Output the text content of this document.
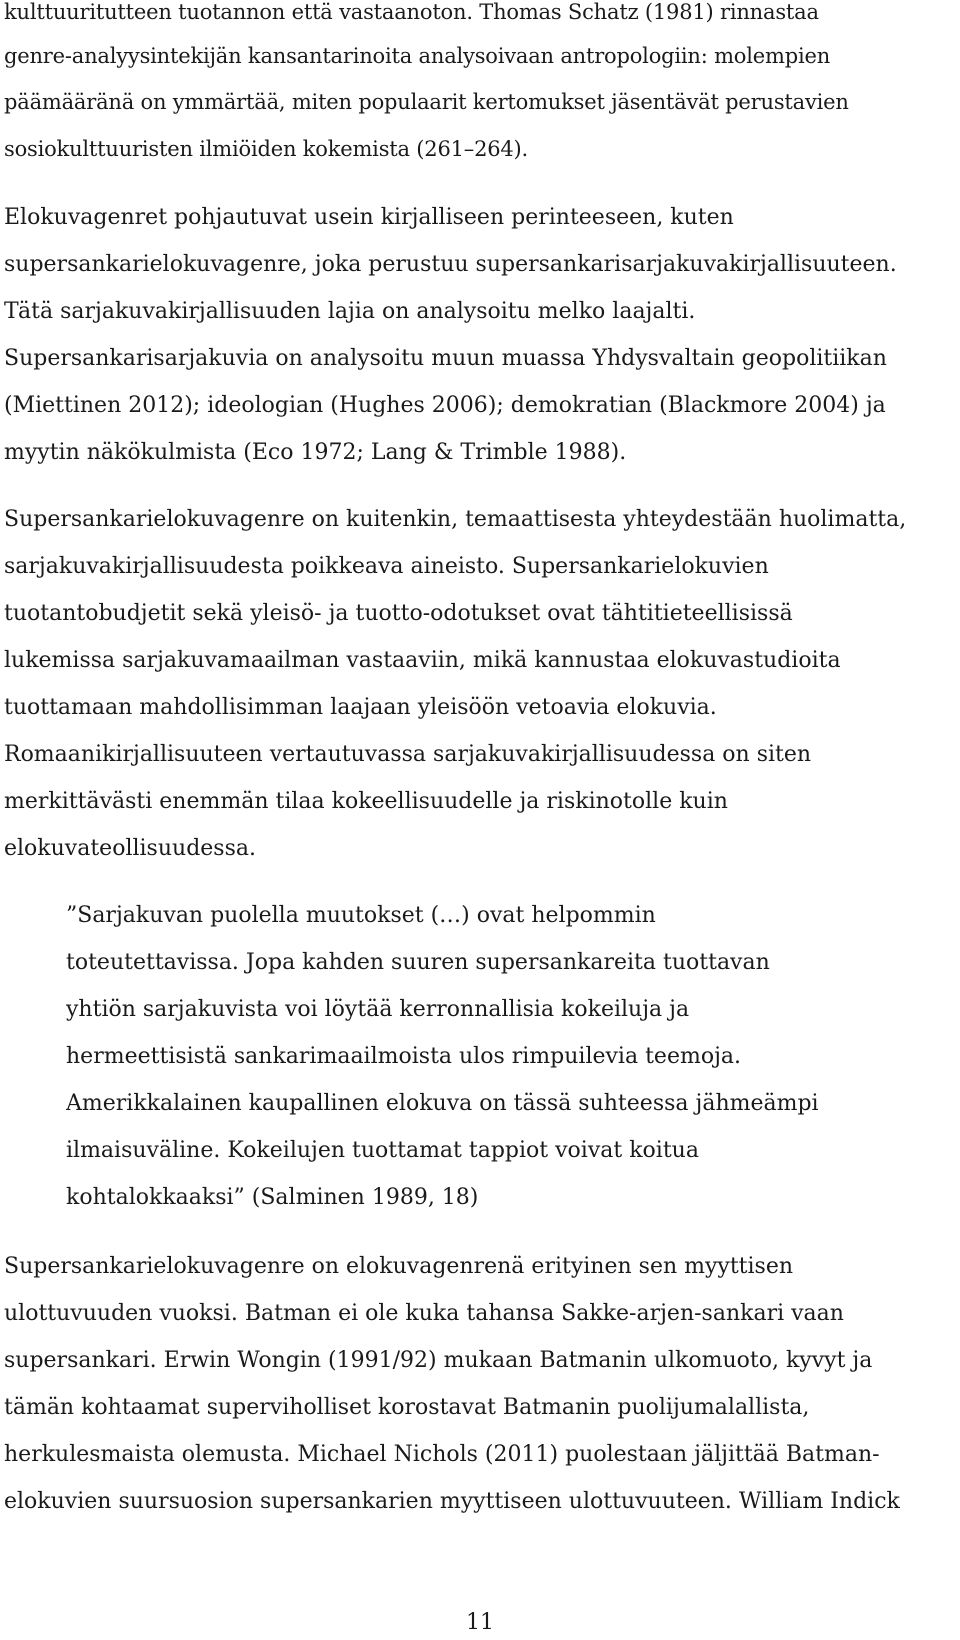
kulttuuritutteen tuotannon että vastaanoton. Thomas Schatz (1981) rinnastaa
genre-analyysintekijän kansantarinoita analysoivaan antropologiin: molempien
päämääränä on ymmärtää, miten populaarit kertomukset jäsentävät perustavien
sosiokulttuuristen ilmiöiden kokemista (261–264).
Elokuvagenret pohjautuvat usein kirjalliseen perinteeseen, kuten
supersankarielokuvagenre, joka perustuu supersankarisarjakuvakirjallisuuteen.
Tätä sarjakuvakirjallisuuden lajia on analysoitu melko laajalti.
Supersankarisarjakuvia on analysoitu muun muassa Yhdysvaltain geopolitiikan
(Miettinen 2012); ideologian (Hughes 2006); demokratian (Blackmore 2004) ja
myytin näkökulmista (Eco 1972; Lang & Trimble 1988).
Supersankarielokuvagenre on kuitenkin, temaattisesta yhteydestään huolimatta,
sarjakuvakirjallisuudesta poikkeava aineisto. Supersankarielokuvien
tuotantobudjetit sekä yleisö- ja tuotto-odotukset ovat tähtitieteellisissä
lukemissa sarjakuvamaailman vastaaviin, mikä kannustaa elokuvastudioita
tuottamaan mahdollisimman laajaan yleisöön vetoavia elokuvia.
Romaanikirjallisuuteen vertautuvassa sarjakuvakirjallisuudessa on siten
merkittävästi enemmän tilaa kokeellisuudelle ja riskinotolle kuin
elokuvateollisuudessa.
”Sarjakuvan puolella muutokset (…) ovat helpommin
toteutettavissa. Jopa kahden suuren supersankareita tuottavan
yhtiön sarjakuvista voi löytää kerronnallisia kokeiluja ja
hermeettisistä sankarimaailmoista ulos rimpuilevia teemoja.
Amerikkalainen kaupallinen elokuva on tässä suhteessa jähmeämpi
ilmaisuväline. Kokeilujen tuottamat tappiot voivat koitua
kohtalokkaaksi” (Salminen 1989, 18)
Supersankarielokuvagenre on elokuvagenrenä erityinen sen myyttisen
ulottuvuuden vuoksi. Batman ei ole kuka tahansa Sakke-arjen-sankari vaan
supersankari. Erwin Wongin (1991/92) mukaan Batmanin ulkomuoto, kyvyt ja
tämän kohtaamat superviholliset korostavat Batmanin puolijumalallista,
herkulesmaista olemusta. Michael Nichols (2011) puolestaan jäljittää Batman-
elokuvien suursuosion supersankarien myyttiseen ulottuvuuteen. William Indick
11
